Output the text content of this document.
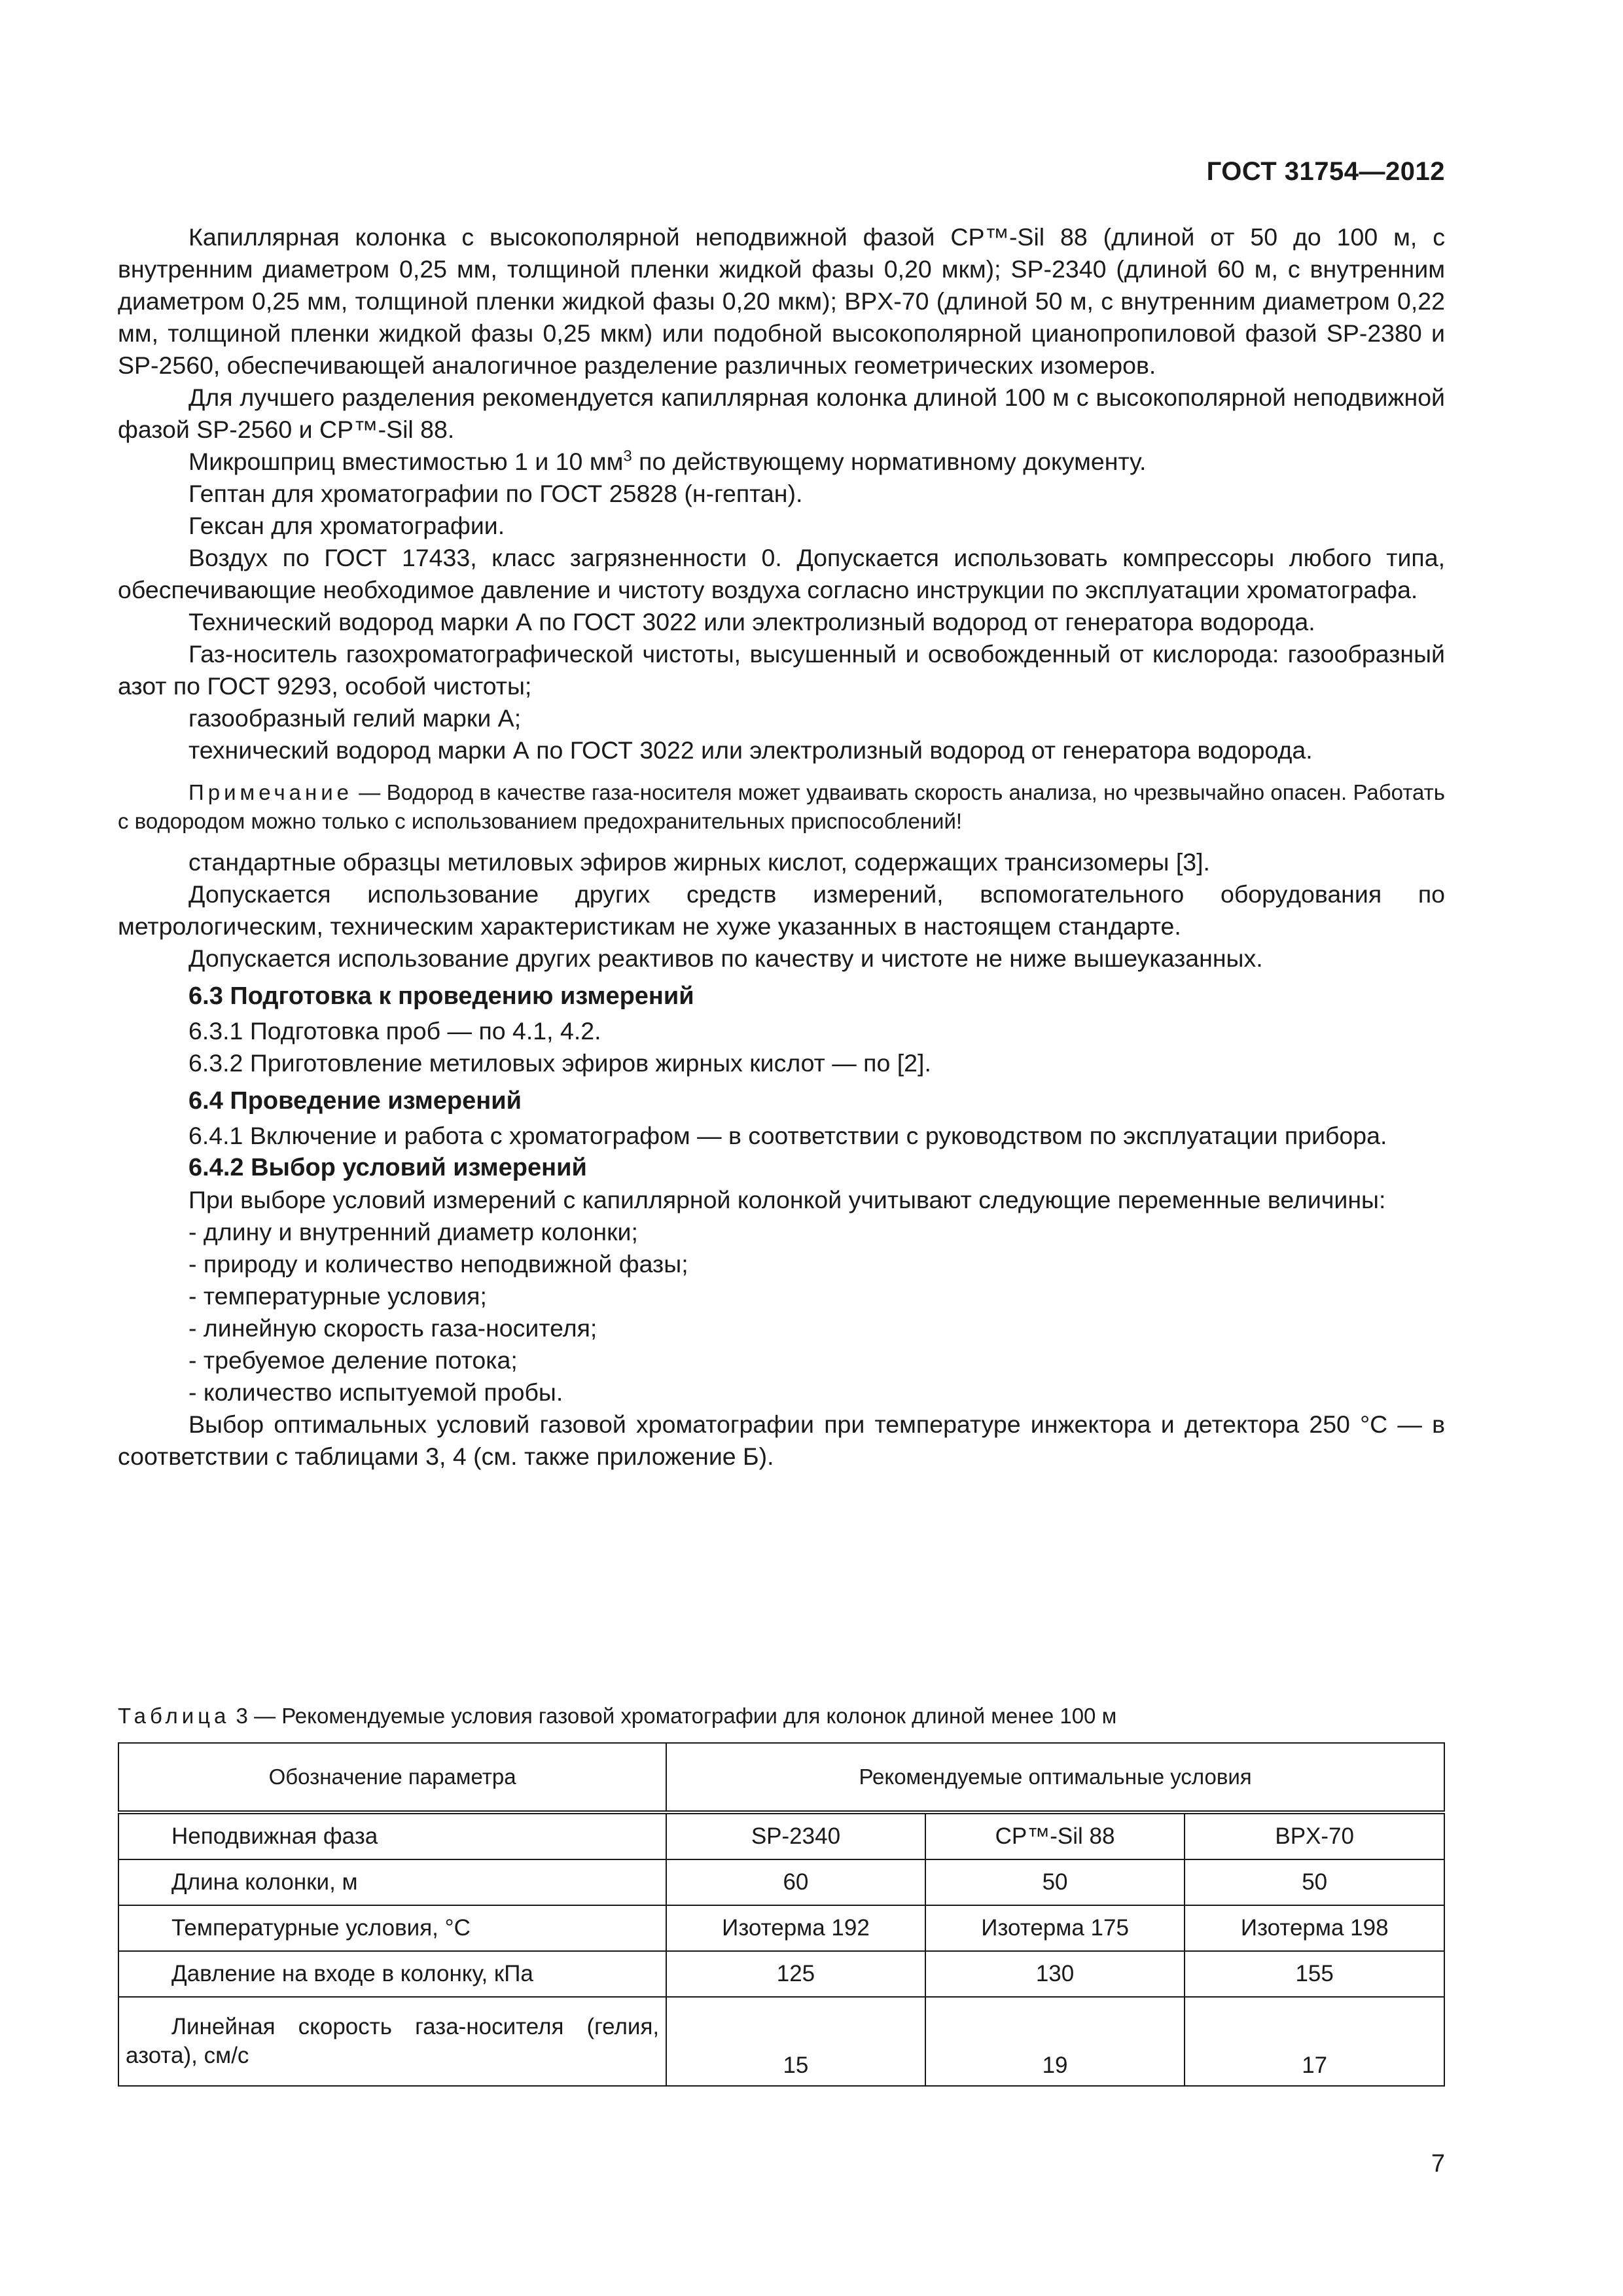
ГОСТ 31754—2012

Капиллярная колонка с высокополярной неподвижной фазой CP™-Sil 88 (длиной от 50 до 100 м, с внутренним диаметром 0,25 мм, толщиной пленки жидкой фазы 0,20 мкм); SP-2340 (длиной 60 м, с внутренним диаметром 0,25 мм, толщиной пленки жидкой фазы 0,20 мкм); BPX-70 (длиной 50 м, с внутренним диаметром 0,22 мм, толщиной пленки жидкой фазы 0,25 мкм) или подобной высокополярной цианопропиловой фазой SP-2380 и SP-2560, обеспечивающей аналогичное разделение различных геометрических изомеров.

Для лучшего разделения рекомендуется капиллярная колонка длиной 100 м с высокополярной неподвижной фазой SP-2560 и CP™-Sil 88.

Микрошприц вместимостью 1 и 10 $мм^3$ по действующему нормативному документу.

Гептан для хроматографии по ГОСТ 25828 (н-гептан).

Гексан для хроматографии.

Воздух по ГОСТ 17433, класс загрязненности 0. Допускается использовать компрессоры любого типа, обеспечивающие необходимое давление и чистоту воздуха согласно инструкции по эксплуатации хроматографа.

Технический водород марки А по ГОСТ 3022 или электролизный водород от генератора водорода.

Газ-носитель газохроматографической чистоты, высушенный и освобожденный от кислорода: газообразный азот по ГОСТ 9293, особой чистоты;

газообразный гелий марки А;

технический водород марки А по ГОСТ 3022 или электролизный водород от генератора водорода.

Примечание — Водород в качестве газа-носителя может удваивать скорость анализа, но чрезвычайно опасен. Работать с водородом можно только с использованием предохранительных приспособлений!

стандартные образцы метиловых эфиров жирных кислот, содержащих трансизомеры [3].

Допускается использование других средств измерений, вспомогательного оборудования по метрологическим, техническим характеристикам не хуже указанных в настоящем стандарте.

Допускается использование других реактивов по качеству и чистоте не ниже вышеуказанных.

6.3 Подготовка к проведению измерений

6.3.1 Подготовка проб — по 4.1, 4.2.

6.3.2 Приготовление метиловых эфиров жирных кислот — по [2].

6.4 Проведение измерений

6.4.1 Включение и работа с хроматографом — в соответствии с руководством по эксплуатации прибора.

6.4.2 Выбор условий измерений

При выборе условий измерений с капиллярной колонкой учитывают следующие переменные величины:

- длину и внутренний диаметр колонки;

- природу и количество неподвижной фазы;

- температурные условия;

- линейную скорость газа-носителя;

- требуемое деление потока;

- количество испытуемой пробы.

Выбор оптимальных условий газовой хроматографии при температуре инжектора и детектора 250 °С — в соответствии с таблицами 3, 4 (см. также приложение Б).

Таблица 3 — Рекомендуемые условия газовой хроматографии для колонок длиной менее 100 м
Обозначение параметра	Рекомендуемые оптимальные условия		
Неподвижная фаза	SP-2340	CP™-Sil 88	BPX-70
Длина колонки, м	60	50	50
Температурные условия, °С	Изотерма 192	Изотерма 175	Изотерма 198
Давление на входе в колонку, кПа	125	130	155
Линейная скорость газа-носителя (гелия, азота), см/с	15	19	17
7
